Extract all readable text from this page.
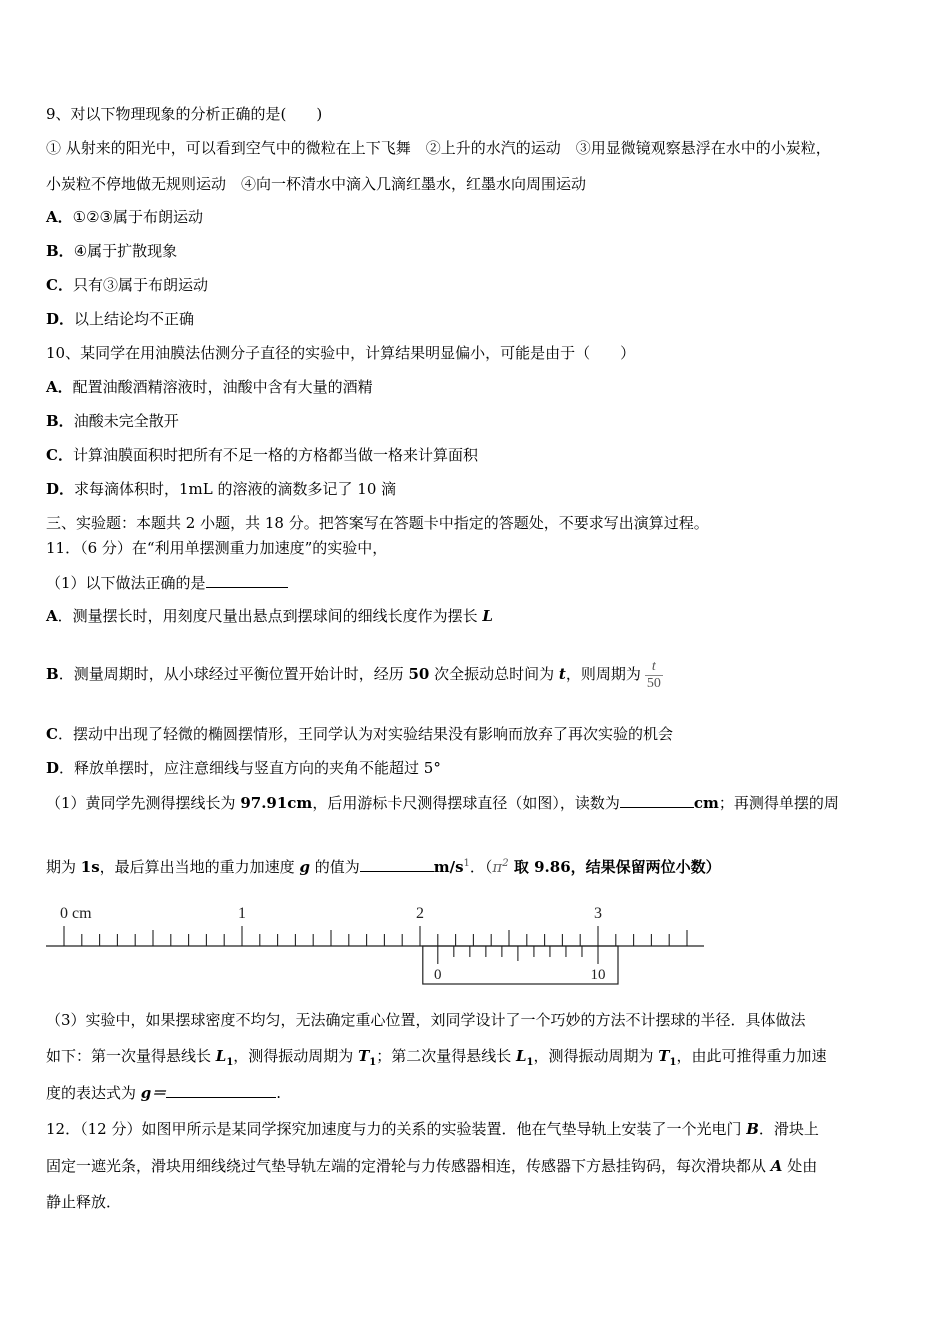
9、对以下物理现象的分析正确的是(　　)
① 从射来的阳光中，可以看到空气中的微粒在上下飞舞　②上升的水汽的运动　③用显微镜观察悬浮在水中的小炭粒，
小炭粒不停地做无规则运动　④向一杯清水中滴入几滴红墨水，红墨水向周围运动
A．①②③属于布朗运动
B．④属于扩散现象
C．只有③属于布朗运动
D．以上结论均不正确
10、某同学在用油膜法估测分子直径的实验中，计算结果明显偏小，可能是由于（　　）
A．配置油酸酒精溶液时，油酸中含有大量的酒精
B．油酸未完全散开
C．计算油膜面积时把所有不足一格的方格都当做一格来计算面积
D．求每滴体积时，1mL 的溶液的滴数多记了 10 滴
三、实验题：本题共 2 小题，共 18 分。把答案写在答题卡中指定的答题处，不要求写出演算过程。
11．（6 分）在“利用单摆测重力加速度”的实验中，
（1）以下做法正确的是
A．测量摆长时，用刻度尺量出悬点到摆球间的细线长度作为摆长 L
B．测量周期时，从小球经过平衡位置开始计时，经历 50 次全振动总时间为 t，则周期为 $\frac{t}{50}$
C．摆动中出现了轻微的椭圆摆情形，王同学认为对实验结果没有影响而放弃了再次实验的机会
D．释放单摆时，应注意细线与竖直方向的夹角不能超过 5°
（1）黄同学先测得摆线长为 97.91cm，后用游标卡尺测得摆球直径（如图），读数为	cm；再测得单摆的周
期为 1s，最后算出当地的重力加速度 g 的值为	$m/s^1$．（$\pi^2$ 取 9.86，结果保留两位小数）
0 cm	1	2	3
0	10
（3）实验中，如果摆球密度不均匀，无法确定重心位置，刘同学设计了一个巧妙的方法不计摆球的半径．具体做法
如下：第一次量得悬线长 $L_1$，测得振动周期为 $T_1$；第二次量得悬线长 $L_1$，测得振动周期为 $T_1$，由此可推得重力加速
度的表达式为 g＝	.
12．（12 分）如图甲所示是某同学探究加速度与力的关系的实验装置．他在气垫导轨上安装了一个光电门 B．滑块上
固定一遮光条，滑块用细线绕过气垫导轨左端的定滑轮与力传感器相连，传感器下方悬挂钩码，每次滑块都从 A 处由
静止释放．
